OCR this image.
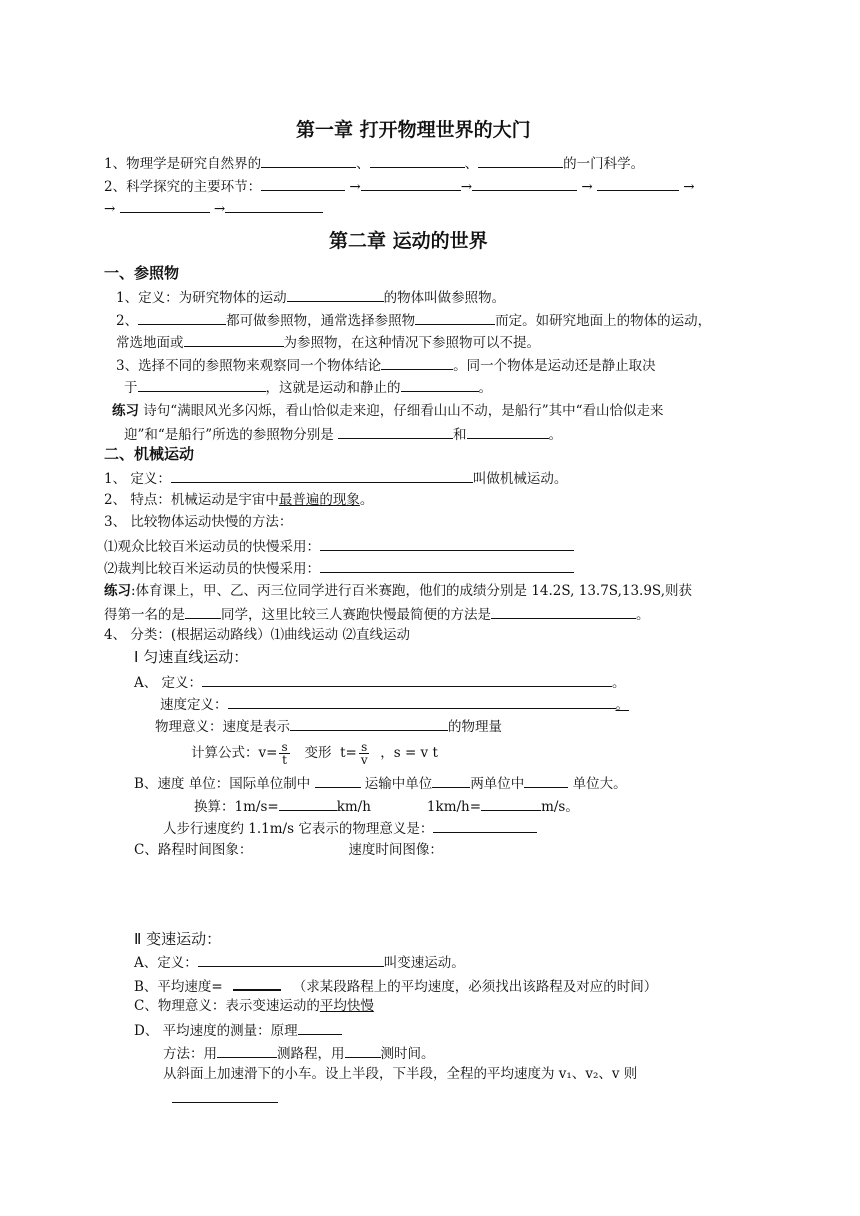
第一章 打开物理世界的大门
1、物理学是研究自然界的	、	、	的一门科学。
2、科学探究的主要环节：	→	→	→	→
→	→
第二章 运动的世界
一、参照物
1、定义：为研究物体的运动	的物体叫做参照物。
2、	都可做参照物，通常选择参照物	而定。如研究地面上的物体的运动，
常选地面或	为参照物，在这种情况下参照物可以不提。
3、选择不同的参照物来观察同一个物体结论	。同一个物体是运动还是静止取决
于	，这就是运动和静止的	。
练习 诗句“满眼风光多闪烁，看山恰似走来迎，仔细看山山不动，是船行”其中“看山恰似走来
迎”和“是船行”所选的参照物分别是	和	。
二、机械运动
1、 定义：	叫做机械运动。
2、 特点：机械运动是宇宙中最普遍的现象。
3、 比较物体运动快慢的方法：
⑴观众比较百米运动员的快慢采用：
⑵裁判比较百米运动员的快慢采用：
练习:体育课上，甲、乙、丙三位同学进行百米赛跑，他们的成绩分别是 14.2S, 13.7S,13.9S,则获
得第一名的是	同学，这里比较三人赛跑快慢最简便的方法是	。
4、 分类：(根据运动路线）⑴曲线运动 ⑵直线运动
Ⅰ 匀速直线运动：
A、 定义：	。
速度定义：	。
物理意义：速度是表示	的物理量
计算公式：$v= \frac{s}{t}$ 变形 $t= \frac{s}{v}$ ，s = v t
B、速度 单位：国际单位制中	运输中单位	两单位中	单位大。
换算：1m/s=	km/h	1km/h=	m/s。
人步行速度约 1.1m/s 它表示的物理意义是：
C、路程时间图象：	速度时间图像：
Ⅱ 变速运动：
A、定义：	叫变速运动。
B、平均速度=	（求某段路程上的平均速度，必须找出该路程及对应的时间）
C、物理意义：表示变速运动的平均快慢
D、 平均速度的测量：原理
方法：用	测路程，用	测时间。
从斜面上加速滑下的小车。设上半段，下半段，全程的平均速度为 v₁、v₂、v 则
